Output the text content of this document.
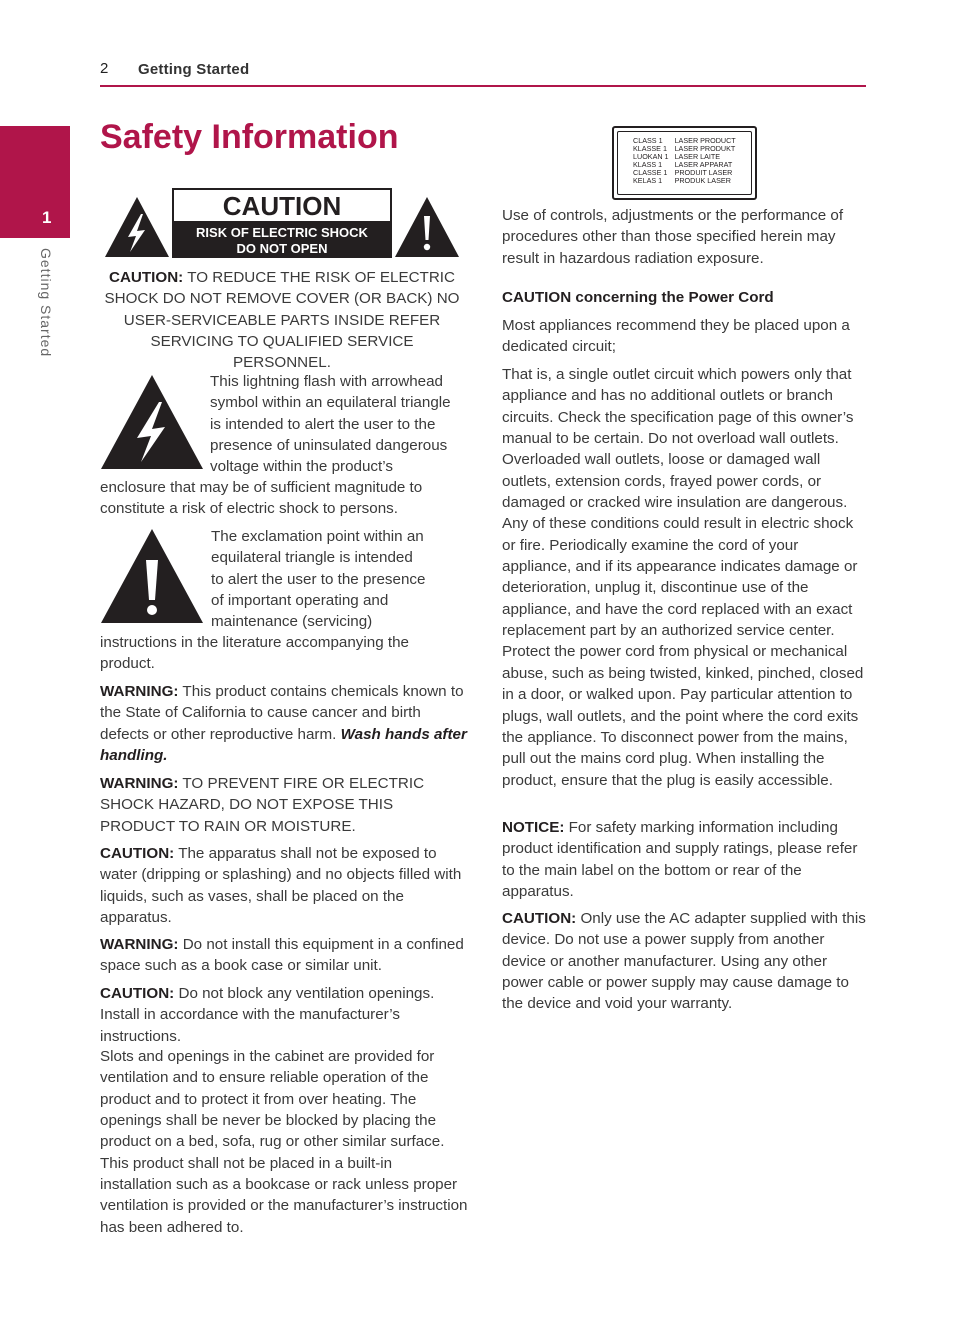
2 Getting Started
1
Getting Started
Safety Information
CAUTION
RISK OF ELECTRIC SHOCK
DO NOT OPEN

CAUTION: TO REDUCE THE RISK OF ELECTRIC SHOCK DO NOT REMOVE COVER (OR BACK) NO USER-SERVICEABLE PARTS INSIDE REFER SERVICING TO QUALIFIED SERVICE PERSONNEL.

This lightning flash with arrowhead
symbol within an equilateral triangle
is intended to alert the user to the
presence of uninsulated dangerous
voltage within the product’s

enclosure that may be of sufficient magnitude to constitute a risk of electric shock to persons.

The exclamation point within an
equilateral triangle is intended
to alert the user to the presence
of important operating and
maintenance (servicing)

instructions in the literature accompanying the product.

WARNING: This product contains chemicals known to the State of California to cause cancer and birth defects or other reproductive harm. Wash hands after handling.

WARNING: TO PREVENT FIRE OR ELECTRIC SHOCK HAZARD, DO NOT EXPOSE THIS PRODUCT TO RAIN OR MOISTURE.

CAUTION: The apparatus shall not be exposed to water (dripping or splashing) and no objects filled with liquids, such as vases, shall be placed on the apparatus.

WARNING: Do not install this equipment in a confined space such as a book case or similar unit.

CAUTION: Do not block any ventilation openings. Install in accordance with the manufacturer’s instructions.

Slots and openings in the cabinet are provided for ventilation and to ensure reliable operation of the product and to protect it from over heating. The openings shall be never be blocked by placing the product on a bed, sofa, rug or other similar surface. This product shall not be placed in a built-in installation such as a bookcase or rack unless proper ventilation is provided or the manufacturer’s instruction has been adhered to.

CLASS 1	LASER PRODUCT
KLASSE 1	LASER PRODUKT
LUOKAN 1	LASER LAITE
KLASS 1	LASER APPARAT
CLASSE 1	PRODUIT LASER
KELAS 1	PRODUK LASER

Use of controls, adjustments or the performance of procedures other than those specified herein may result in hazardous radiation exposure.

CAUTION concerning the Power Cord

Most appliances recommend they be placed upon a dedicated circuit;

That is, a single outlet circuit which powers only that appliance and has no additional outlets or branch circuits. Check the specification page of this owner’s manual to be certain. Do not overload wall outlets. Overloaded wall outlets, loose or damaged wall outlets, extension cords, frayed power cords, or damaged or cracked wire insulation are dangerous. Any of these conditions could result in electric shock or fire. Periodically examine the cord of your appliance, and if its appearance indicates damage or deterioration, unplug it, discontinue use of the appliance, and have the cord replaced with an exact replacement part by an authorized service center. Protect the power cord from physical or mechanical abuse, such as being twisted, kinked, pinched, closed in a door, or walked upon. Pay particular attention to plugs, wall outlets, and the point where the cord exits the appliance. To disconnect power from the mains, pull out the mains cord plug. When installing the product, ensure that the plug is easily accessible.

NOTICE: For safety marking information including product identification and supply ratings, please refer to the main label on the bottom or rear of the apparatus.

CAUTION: Only use the AC adapter supplied with this device. Do not use a power supply from another device or another manufacturer. Using any other power cable or power supply may cause damage to the device and void your warranty.
